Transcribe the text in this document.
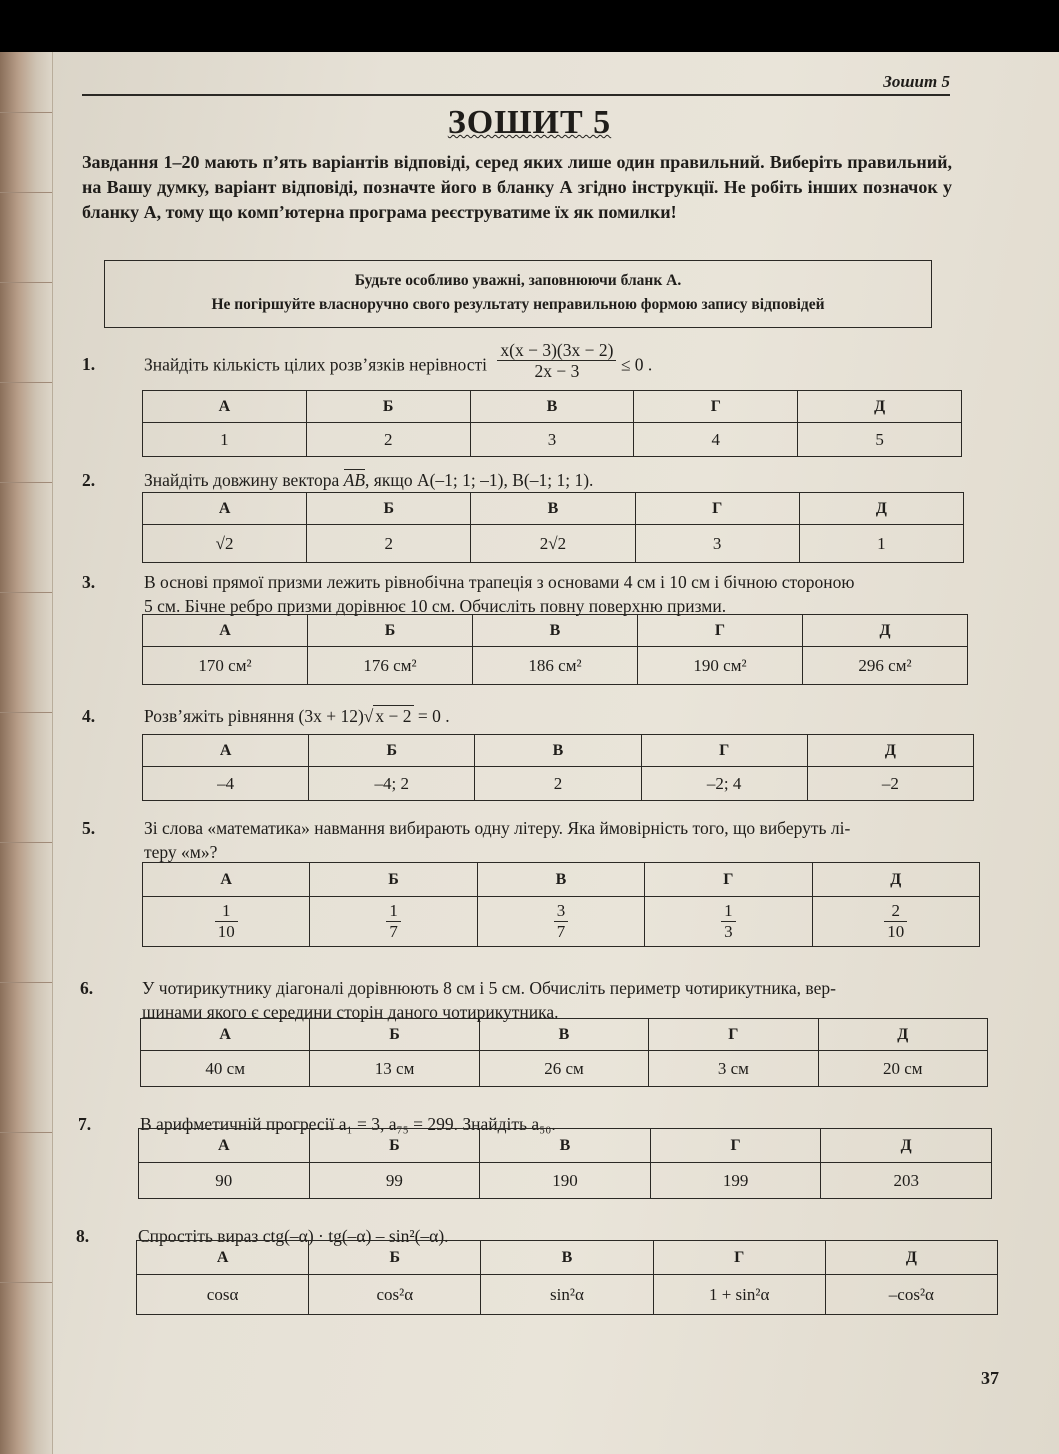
Зошит 5
ЗОШИТ 5
Завдання 1–20 мають п’ять варіантів відповіді, серед яких лише один правильний. Виберіть правильний, на Вашу думку, варіант відповіді, позначте його в бланку А згідно інструкції. Не робіть інших позначок у бланку А, тому що комп’ютерна програма реєструватиме їх як помилки!
Будьте особливо уважні, заповнюючи бланк А.
Не погіршуйте власноручно свого результату неправильною формою запису відповідей
1.	Знайдіть кількість цілих розв’язків нерівності $\frac{x(x - 3)(3x - 2)}{2x - 3} \le 0$ .
А	Б	В	Г	Д
1	2	3	4	5
2.	Знайдіть довжину вектора AB, якщо A(–1; 1; –1), B(–1; 1; 1).
А	Б	В	Г	Д
√2	2	2√2	3	1
3.	В основі прямої призми лежить рівнобічна трапеція з основами 4 см і 10 см і бічною стороною
5 см. Бічне ребро призми дорівнює 10 см. Обчисліть повну поверхню призми.
А	Б	В	Г	Д
170 см²	176 см²	186 см²	190 см²	296 см²
4.	Розв’яжіть рівняння (3x + 12)√ x − 2 = 0 .
А	Б	В	Г	Д
–4	–4; 2	2	–2; 4	–2
5.	Зі слова «математика» навмання вибирають одну літеру. Яка ймовірність того, що виберуть лі-
теру «м»?
А	Б	В	Г	Д

$\frac{1}{10}$	$\frac{1}{7}$	$\frac{3}{7}$	$\frac{1}{3}$	$\frac{2}{10}$
6.	У чотирикутнику діагоналі дорівнюють 8 см і 5 см. Обчисліть периметр чотирикутника, вер-
шинами якого є середини сторін даного чотирикутника.
А	Б	В	Г	Д
40 см	13 см	26 см	3 см	20 см
7.	В арифметичній прогресії a₁ = 3, a₇₅ = 299. Знайдіть a₅₀.
А	Б	В	Г	Д
90	99	190	199	203
8.	Спростіть вираз ctg(–α) · tg(–α) – sin²(–α).
А	Б	В	Г	Д
cosα	cos²α	sin²α	1 + sin²α	–cos²α
37
